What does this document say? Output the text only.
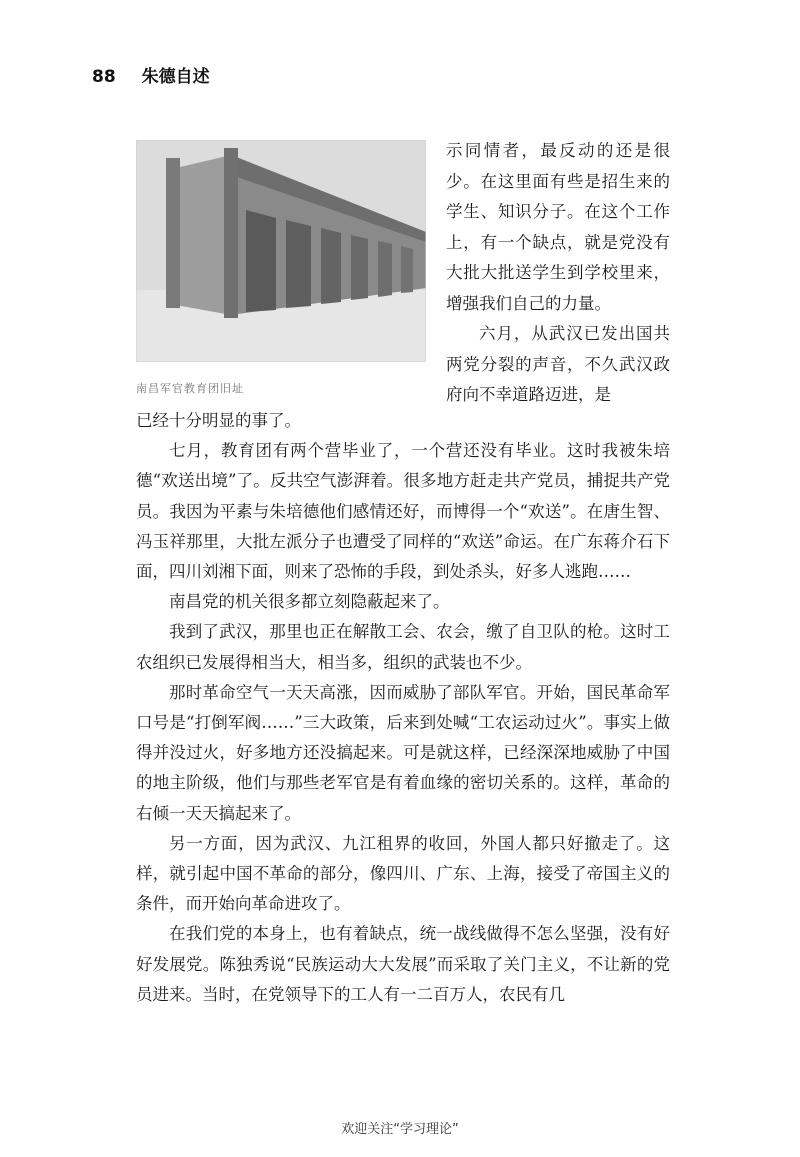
88 朱德自述
南昌军官教育团旧址

示同情者，最反动的还是很少。在这里面有些是招生来的学生、知识分子。在这个工作上，有一个缺点，就是党没有大批大批送学生到学校里来，增强我们自己的力量。

六月，从武汉已发出国共两党分裂的声音，不久武汉政府向不幸道路迈进，是

已经十分明显的事了。

七月，教育团有两个营毕业了，一个营还没有毕业。这时我被朱培德“欢送出境”了。反共空气澎湃着。很多地方赶走共产党员，捕捉共产党员。我因为平素与朱培德他们感情还好，而博得一个“欢送”。在唐生智、冯玉祥那里，大批左派分子也遭受了同样的“欢送”命运。在广东蒋介石下面，四川刘湘下面，则来了恐怖的手段，到处杀头，好多人逃跑……

南昌党的机关很多都立刻隐蔽起来了。

我到了武汉，那里也正在解散工会、农会，缴了自卫队的枪。这时工农组织已发展得相当大，相当多，组织的武装也不少。

那时革命空气一天天高涨，因而威胁了部队军官。开始，国民革命军口号是“打倒军阀……”三大政策，后来到处喊“工农运动过火”。事实上做得并没过火，好多地方还没搞起来。可是就这样，已经深深地威胁了中国的地主阶级，他们与那些老军官是有着血缘的密切关系的。这样，革命的右倾一天天搞起来了。

另一方面，因为武汉、九江租界的收回，外国人都只好撤走了。这样，就引起中国不革命的部分，像四川、广东、上海，接受了帝国主义的条件，而开始向革命进攻了。

在我们党的本身上，也有着缺点，统一战线做得不怎么坚强，没有好好发展党。陈独秀说“民族运动大大发展”而采取了关门主义，不让新的党员进来。当时，在党领导下的工人有一二百万人，农民有几

欢迎关注“学习理论”
